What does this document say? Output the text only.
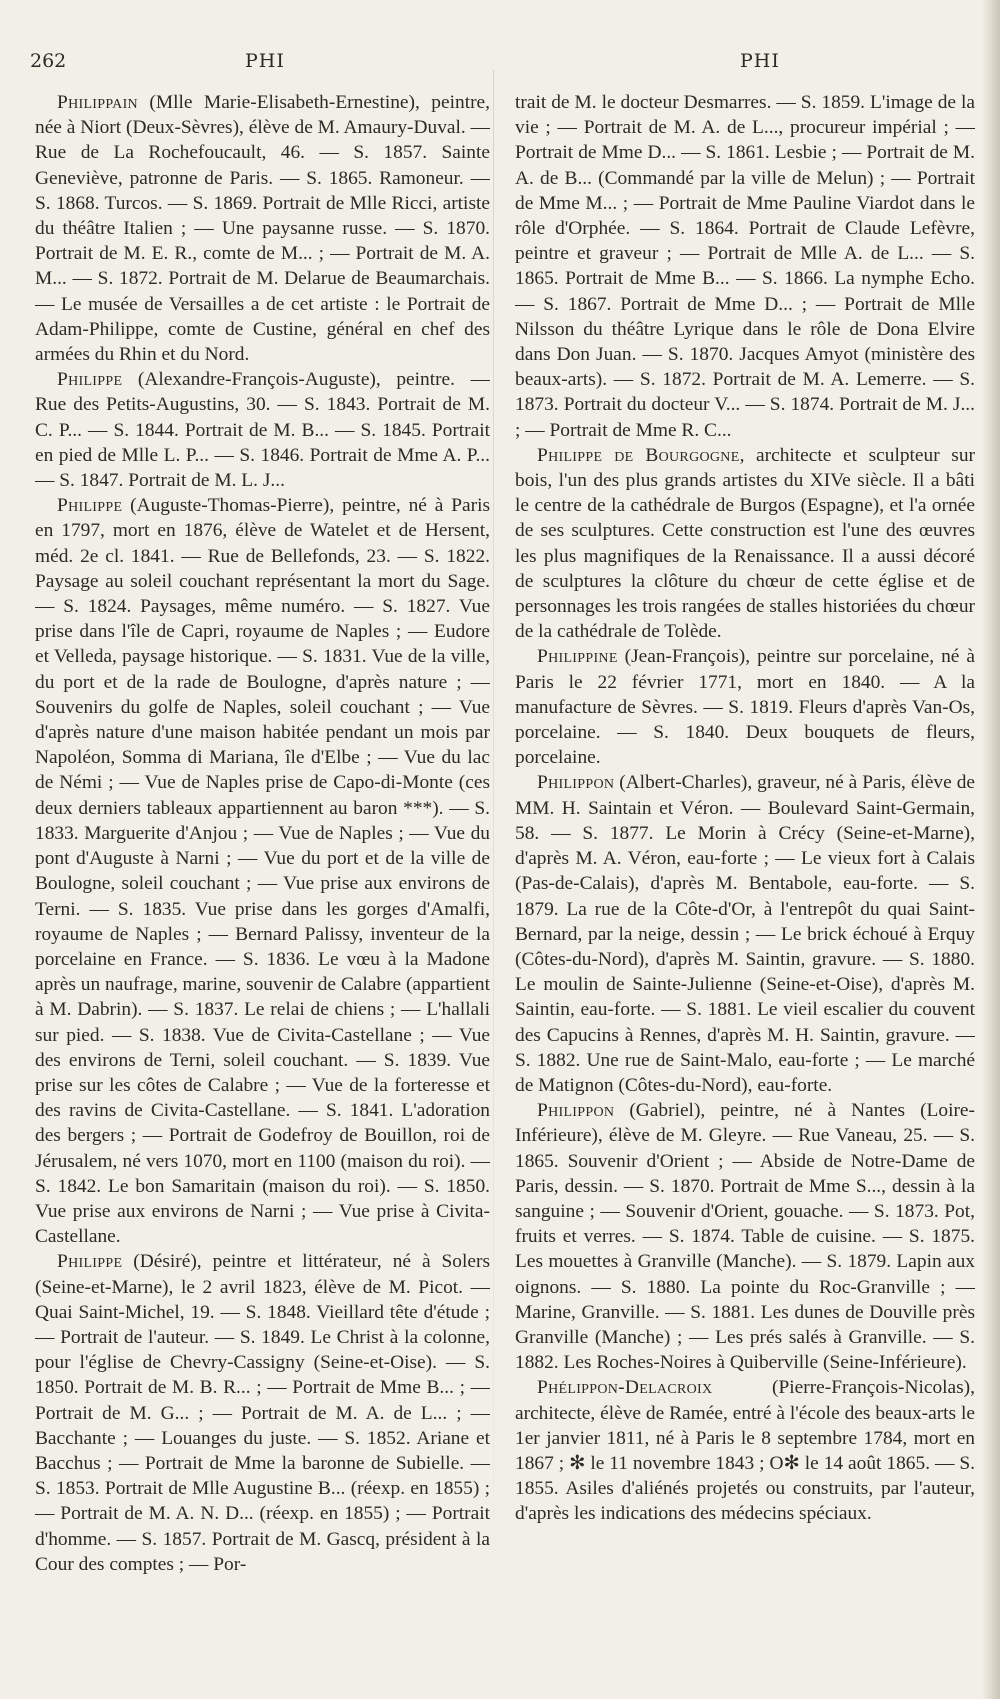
262	PHI	PHI

Philippain (Mlle Marie-Elisabeth-Ernestine), peintre, née à Niort (Deux-Sèvres), élève de M. Amaury-Duval. — Rue de La Rochefoucault, 46. — S. 1857. Sainte Geneviève, patronne de Paris. — S. 1865. Ramoneur. — S. 1868. Turcos. — S. 1869. Portrait de Mlle Ricci, artiste du théâtre Italien ; — Une paysanne russe. — S. 1870. Portrait de M. E. R., comte de M... ; — Portrait de M. A. M... — S. 1872. Portrait de M. Delarue de Beaumarchais. — Le musée de Versailles a de cet artiste : le Portrait de Adam-Philippe, comte de Custine, général en chef des armées du Rhin et du Nord.

Philippe (Alexandre-François-Auguste), peintre. — Rue des Petits-Augustins, 30. — S. 1843. Portrait de M. C. P... — S. 1844. Portrait de M. B... — S. 1845. Portrait en pied de Mlle L. P... — S. 1846. Portrait de Mme A. P... — S. 1847. Portrait de M. L. J...

Philippe (Auguste-Thomas-Pierre), peintre, né à Paris en 1797, mort en 1876, élève de Watelet et de Hersent, méd. 2e cl. 1841. — Rue de Bellefonds, 23. — S. 1822. Paysage au soleil couchant représentant la mort du Sage. — S. 1824. Paysages, même numéro. — S. 1827. Vue prise dans l'île de Capri, royaume de Naples ; — Eudore et Velleda, paysage historique. — S. 1831. Vue de la ville, du port et de la rade de Boulogne, d'après nature ; — Souvenirs du golfe de Naples, soleil couchant ; — Vue d'après nature d'une maison habitée pendant un mois par Napoléon, Somma di Mariana, île d'Elbe ; — Vue du lac de Némi ; — Vue de Naples prise de Capo-di-Monte (ces deux derniers tableaux appartiennent au baron ***). — S. 1833. Marguerite d'Anjou ; — Vue de Naples ; — Vue du pont d'Auguste à Narni ; — Vue du port et de la ville de Boulogne, soleil couchant ; — Vue prise aux environs de Terni. — S. 1835. Vue prise dans les gorges d'Amalfi, royaume de Naples ; — Bernard Palissy, inventeur de la porcelaine en France. — S. 1836. Le vœu à la Madone après un naufrage, marine, souvenir de Calabre (appartient à M. Dabrin). — S. 1837. Le relai de chiens ; — L'hallali sur pied. — S. 1838. Vue de Civita-Castellane ; — Vue des environs de Terni, soleil couchant. — S. 1839. Vue prise sur les côtes de Calabre ; — Vue de la forteresse et des ravins de Civita-Castellane. — S. 1841. L'adoration des bergers ; — Portrait de Godefroy de Bouillon, roi de Jérusalem, né vers 1070, mort en 1100 (maison du roi). — S. 1842. Le bon Samaritain (maison du roi). — S. 1850. Vue prise aux environs de Narni ; — Vue prise à Civita-Castellane.

Philippe (Désiré), peintre et littérateur, né à Solers (Seine-et-Marne), le 2 avril 1823, élève de M. Picot. — Quai Saint-Michel, 19. — S. 1848. Vieillard tête d'étude ; — Portrait de l'auteur. — S. 1849. Le Christ à la colonne, pour l'église de Chevry-Cassigny (Seine-et-Oise). — S. 1850. Portrait de M. B. R... ; — Portrait de Mme B... ; — Portrait de M. G... ; — Portrait de M. A. de L... ; — Bacchante ; — Louanges du juste. — S. 1852. Ariane et Bacchus ; — Portrait de Mme la baronne de Subielle. — S. 1853. Portrait de Mlle Augustine B... (réexp. en 1855) ; — Portrait de M. A. N. D... (réexp. en 1855) ; — Portrait d'homme. — S. 1857. Portrait de M. Gascq, président à la Cour des comptes ; — Por-

trait de M. le docteur Desmarres. — S. 1859. L'image de la vie ; — Portrait de M. A. de L..., procureur impérial ; — Portrait de Mme D... — S. 1861. Lesbie ; — Portrait de M. A. de B... (Commandé par la ville de Melun) ; — Portrait de Mme M... ; — Portrait de Mme Pauline Viardot dans le rôle d'Orphée. — S. 1864. Portrait de Claude Lefèvre, peintre et graveur ; — Portrait de Mlle A. de L... — S. 1865. Portrait de Mme B... — S. 1866. La nymphe Echo. — S. 1867. Portrait de Mme D... ; — Portrait de Mlle Nilsson du théâtre Lyrique dans le rôle de Dona Elvire dans Don Juan. — S. 1870. Jacques Amyot (ministère des beaux-arts). — S. 1872. Portrait de M. A. Lemerre. — S. 1873. Portrait du docteur V... — S. 1874. Portrait de M. J... ; — Portrait de Mme R. C...

Philippe de Bourgogne, architecte et sculpteur sur bois, l'un des plus grands artistes du XIVe siècle. Il a bâti le centre de la cathédrale de Burgos (Espagne), et l'a ornée de ses sculptures. Cette construction est l'une des œuvres les plus magnifiques de la Renaissance. Il a aussi décoré de sculptures la clôture du chœur de cette église et de personnages les trois rangées de stalles historiées du chœur de la cathédrale de Tolède.

Philippine (Jean-François), peintre sur porcelaine, né à Paris le 22 février 1771, mort en 1840. — A la manufacture de Sèvres. — S. 1819. Fleurs d'après Van-Os, porcelaine. — S. 1840. Deux bouquets de fleurs, porcelaine.

Philippon (Albert-Charles), graveur, né à Paris, élève de MM. H. Saintain et Véron. — Boulevard Saint-Germain, 58. — S. 1877. Le Morin à Crécy (Seine-et-Marne), d'après M. A. Véron, eau-forte ; — Le vieux fort à Calais (Pas-de-Calais), d'après M. Bentabole, eau-forte. — S. 1879. La rue de la Côte-d'Or, à l'entrepôt du quai Saint-Bernard, par la neige, dessin ; — Le brick échoué à Erquy (Côtes-du-Nord), d'après M. Saintin, gravure. — S. 1880. Le moulin de Sainte-Julienne (Seine-et-Oise), d'après M. Saintin, eau-forte. — S. 1881. Le vieil escalier du couvent des Capucins à Rennes, d'après M. H. Saintin, gravure. — S. 1882. Une rue de Saint-Malo, eau-forte ; — Le marché de Matignon (Côtes-du-Nord), eau-forte.

Philippon (Gabriel), peintre, né à Nantes (Loire-Inférieure), élève de M. Gleyre. — Rue Vaneau, 25. — S. 1865. Souvenir d'Orient ; — Abside de Notre-Dame de Paris, dessin. — S. 1870. Portrait de Mme S..., dessin à la sanguine ; — Souvenir d'Orient, gouache. — S. 1873. Pot, fruits et verres. — S. 1874. Table de cuisine. — S. 1875. Les mouettes à Granville (Manche). — S. 1879. Lapin aux oignons. — S. 1880. La pointe du Roc-Granville ; — Marine, Granville. — S. 1881. Les dunes de Douville près Granville (Manche) ; — Les prés salés à Granville. — S. 1882. Les Roches-Noires à Quiberville (Seine-Inférieure).

Phélippon-Delacroix (Pierre-François-Nicolas), architecte, élève de Ramée, entré à l'école des beaux-arts le 1er janvier 1811, né à Paris le 8 septembre 1784, mort en 1867 ; ✻ le 11 novembre 1843 ; O✻ le 14 août 1865. — S. 1855. Asiles d'aliénés projetés ou construits, par l'auteur, d'après les indications des médecins spéciaux.
